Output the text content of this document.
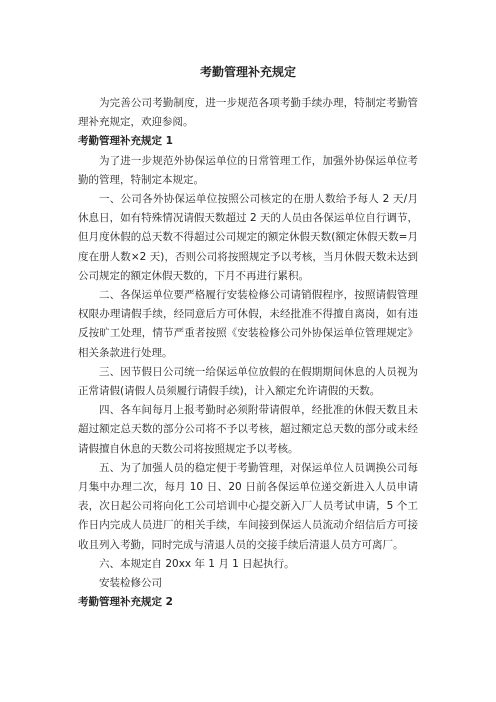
考勤管理补充规定

为完善公司考勤制度，进一步规范各项考勤手续办理，特制定考勤管理补充规定，欢迎参阅。

考勤管理补充规定 1

为了进一步规范外协保运单位的日常管理工作，加强外协保运单位考勤的管理，特制定本规定。

一、公司各外协保运单位按照公司核定的在册人数给予每人 2 天/月休息日，如有特殊情况请假天数超过 2 天的人员由各保运单位自行调节，但月度休假的总天数不得超过公司规定的额定休假天数(额定休假天数=月度在册人数×2 天)，否则公司将按照规定予以考核，当月休假天数未达到公司规定的额定休假天数的，下月不再进行累积。

二、各保运单位要严格履行安装检修公司请销假程序，按照请假管理权限办理请假手续，经同意后方可休假，未经批准不得擅自离岗，如有违反按旷工处理，情节严重者按照《安装检修公司外协保运单位管理规定》相关条款进行处理。

三、因节假日公司统一给保运单位放假的在假期期间休息的人员视为正常请假(请假人员须履行请假手续)，计入额定允许请假的天数。

四、各车间每月上报考勤时必须附带请假单，经批准的休假天数且未超过额定总天数的部分公司将不予以考核，超过额定总天数的部分或未经请假擅自休息的天数公司将按照规定予以考核。

五、为了加强人员的稳定便于考勤管理，对保运单位人员调换公司每月集中办理二次，每月 10 日、20 日前各保运单位递交新进入人员申请表，次日起公司将向化工公司培训中心提交新入厂人员考试申请，5 个工作日内完成人员进厂的相关手续，车间接到保运人员流动介绍信后方可接收且列入考勤，同时完成与清退人员的交接手续后清退人员方可离厂。

六、本规定自 20xx 年 1 月 1 日起执行。

安装检修公司

考勤管理补充规定 2
